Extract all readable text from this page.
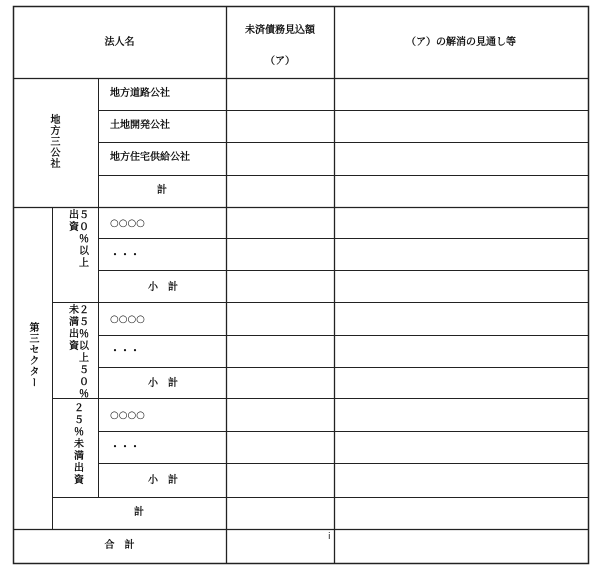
法人名
未済債務見込額
（ア）
（ア）の解消の見通し等
地方三公社
地方道路公社
土地開発公社
地方住宅供給公社
計
第三セクター
出５
資０
　％
　以
　上
○○○○
・・・
小　計
未２
満５
出％
資以
　上
　５
　０
　％
○○○○
・・・
小　計
２
５
％
未
満
出
資
○○○○
・・・
小　計
計
合　計
i
